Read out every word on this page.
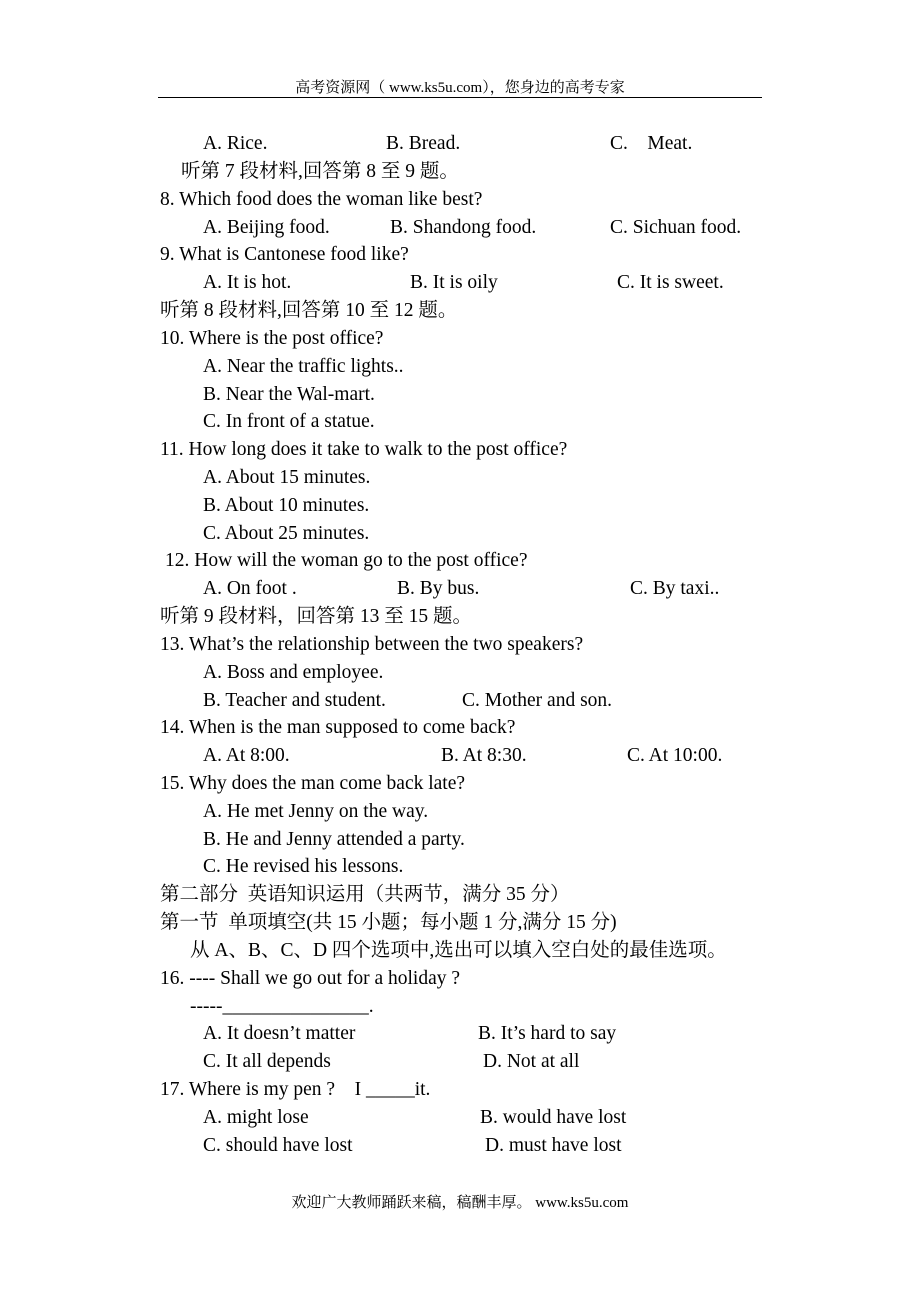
高考资源网（ www.ks5u.com），您身边的高考专家
A. Rice.	B. Bread.	C.    Meat.
听第 7 段材料,回答第 8 至 9 题。
8. Which food does the woman like best?
A. Beijing food.	B. Shandong food.	C. Sichuan food.
9. What is Cantonese food like?
A. It is hot.	B. It is oily	C. It is sweet.
听第 8 段材料,回答第 10 至 12 题。
10. Where is the post office?
A. Near the traffic lights..
B. Near the Wal-mart.
C. In front of a statue.
11. How long does it take to walk to the post office?
A. About 15 minutes.
B. About 10 minutes.
C. About 25 minutes.
12. How will the woman go to the post office?
A. On foot .	B. By bus.	C. By taxi..
听第 9 段材料，回答第 13 至 15 题。
13. What’s the relationship between the two speakers?
A. Boss and employee.
B. Teacher and student.	C. Mother and son.
14. When is the man supposed to come back?
A. At 8:00.	B. At 8:30.	C. At 10:00.
15. Why does the man come back late?
A. He met Jenny on the way.
B. He and Jenny attended a party.
C. He revised his lessons.
第二部分  英语知识运用（共两节，满分 35 分）
第一节  单项填空(共 15 小题；每小题 1 分,满分 15 分)
从 A、B、C、D 四个选项中,选出可以填入空白处的最佳选项。
16. ---- Shall we go out for a holiday ?
-----_______________.
A. It doesn’t matter	B. It’s hard to say
C. It all depends	D. Not at all
17. Where is my pen ?    I _____it.
A. might lose	B. would have lost
C. should have lost	D. must have lost
欢迎广大教师踊跃来稿，稿酬丰厚。 www.ks5u.com
